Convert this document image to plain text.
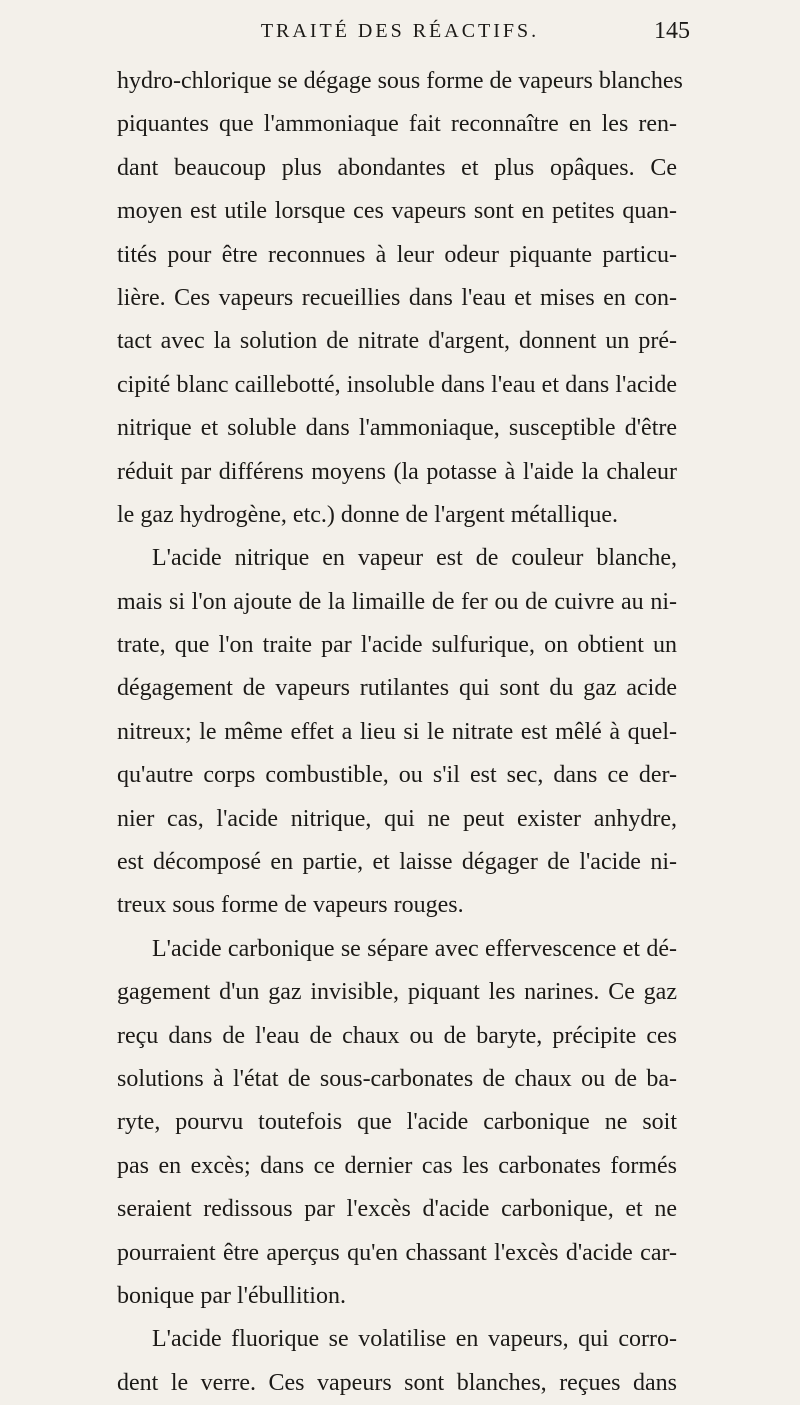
TRAITÉ DES RÉACTIFS.	145
hydro-chlorique se dégage sous forme de vapeurs blanches
piquantes que l'ammoniaque fait reconnaître en les ren-
dant beaucoup plus abondantes et plus opâques. Ce
moyen est utile lorsque ces vapeurs sont en petites quan-
tités pour être reconnues à leur odeur piquante particu-
lière. Ces vapeurs recueillies dans l'eau et mises en con-
tact avec la solution de nitrate d'argent, donnent un pré-
cipité blanc caillebotté, insoluble dans l'eau et dans l'acide
nitrique et soluble dans l'ammoniaque, susceptible d'être
réduit par différens moyens (la potasse à l'aide la chaleur
le gaz hydrogène, etc.) donne de l'argent métallique.
L'acide nitrique en vapeur est de couleur blanche,
mais si l'on ajoute de la limaille de fer ou de cuivre au ni-
trate, que l'on traite par l'acide sulfurique, on obtient un
dégagement de vapeurs rutilantes qui sont du gaz acide
nitreux; le même effet a lieu si le nitrate est mêlé à quel-
qu'autre corps combustible, ou s'il est sec, dans ce der-
nier cas, l'acide nitrique, qui ne peut exister anhydre,
est décomposé en partie, et laisse dégager de l'acide ni-
treux sous forme de vapeurs rouges.
L'acide carbonique se sépare avec effervescence et dé-
gagement d'un gaz invisible, piquant les narines. Ce gaz
reçu dans de l'eau de chaux ou de baryte, précipite ces
solutions à l'état de sous-carbonates de chaux ou de ba-
ryte, pourvu toutefois que l'acide carbonique ne soit
pas en excès; dans ce dernier cas les carbonates formés
seraient redissous par l'excès d'acide carbonique, et ne
pourraient être aperçus qu'en chassant l'excès d'acide car-
bonique par l'ébullition.
L'acide fluorique se volatilise en vapeurs, qui corro-
dent le verre. Ces vapeurs sont blanches, reçues dans
